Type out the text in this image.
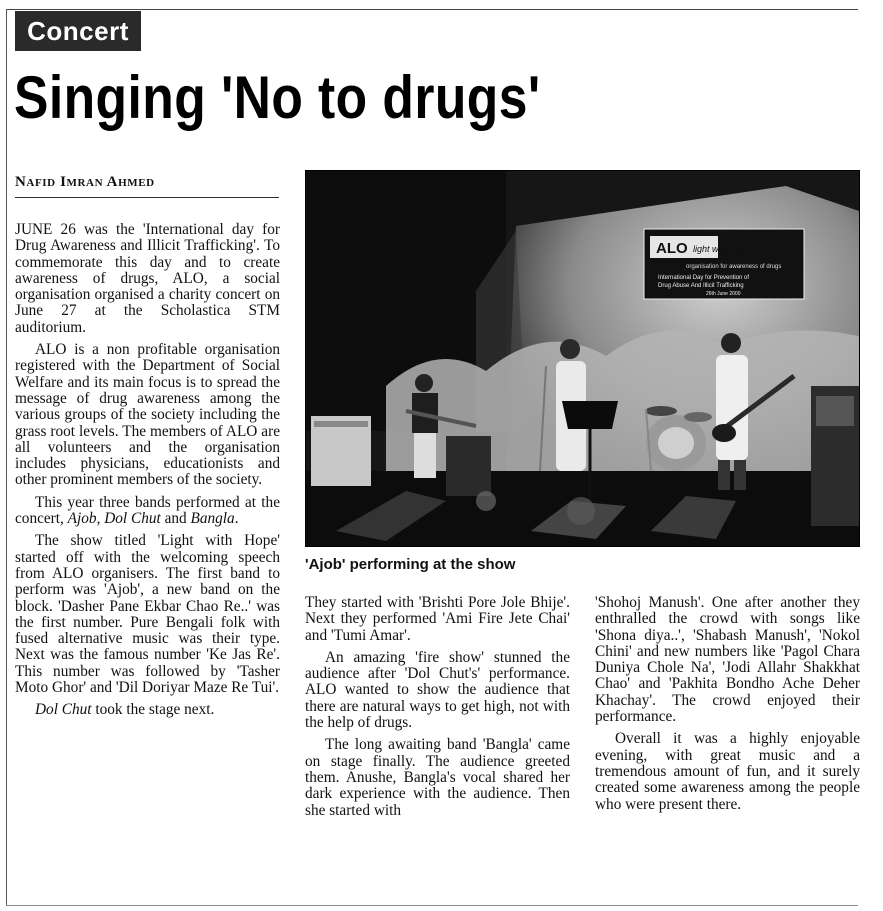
Concert
Singing 'No to drugs'
Nafid Imran Ahmed

JUNE 26 was the 'International day for Drug Awareness and Illicit Trafficking'. To commemorate this day and to create awareness of drugs, ALO, a social organisation organised a charity concert on June 27 at the Scholastica STM auditorium.

ALO is a non profitable organisation registered with the Department of Social Welfare and its main focus is to spread the message of drug awareness among the various groups of the society including the grass root levels. The members of ALO are all volunteers and the organisation includes physicians, educationists and other prominent members of the society.

This year three bands performed at the concert, Ajob, Dol Chut and Bangla.

The show titled 'Light with Hope' started off with the welcoming speech from ALO organisers. The first band to perform was 'Ajob', a new band on the block. 'Dasher Pane Ekbar Chao Re..' was the first number. Pure Bengali folk with fused alternative music was their type. Next was the famous number 'Ke Jas Re'. This number was followed by 'Tasher Moto Ghor' and 'Dil Doriyar Maze Re Tui'.

Dol Chut took the stage next.

ALO light with hope
organisation for awareness of drugs
International Day for Prevention of
Drug Abuse And Illicit Trafficking
26th June 2000
'Ajob' performing at the show

They started with 'Brishti Pore Jole Bhije'. Next they performed 'Ami Fire Jete Chai' and 'Tumi Amar'.

An amazing 'fire show' stunned the audience after 'Dol Chut's' performance. ALO wanted to show the audience that there are natural ways to get high, not with the help of drugs.

The long awaiting band 'Bangla' came on stage finally. The audience greeted them. Anushe, Bangla's vocal shared her dark experience with the audience. Then she started with

'Shohoj Manush'. One after another they enthralled the crowd with songs like 'Shona diya..', 'Shabash Manush', 'Nokol Chini' and new numbers like 'Pagol Chara Duniya Chole Na', 'Jodi Allahr Shakkhat Chao' and 'Pakhita Bondho Ache Deher Khachay'. The crowd enjoyed their performance.

Overall it was a highly enjoyable evening, with great music and a tremendous amount of fun, and it surely created some awareness among the people who were present there.
